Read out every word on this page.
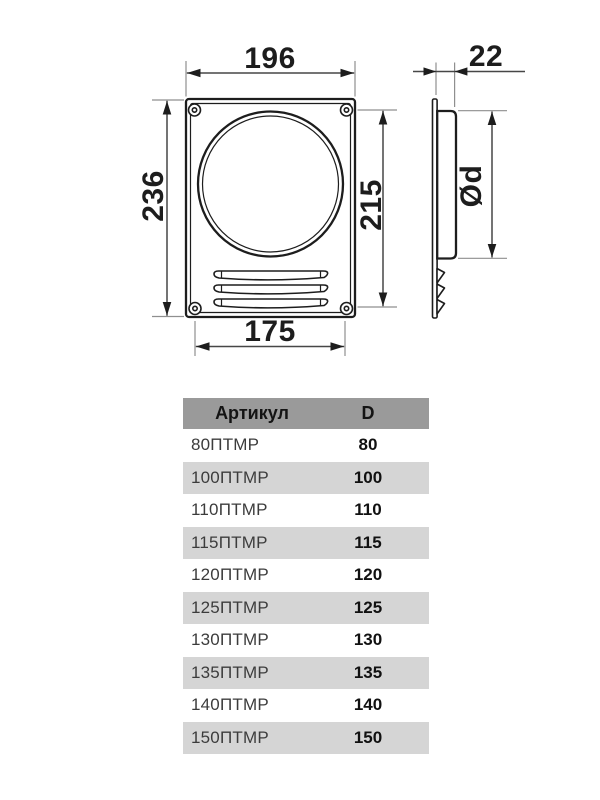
196
236	215
175
22
Ød
Артикул	D
80ПТМР	80
100ПТМР	100
110ПТМР	110
115ПТМР	115
120ПТМР	120
125ПТМР	125
130ПТМР	130
135ПТМР	135
140ПТМР	140
150ПТМР	150
